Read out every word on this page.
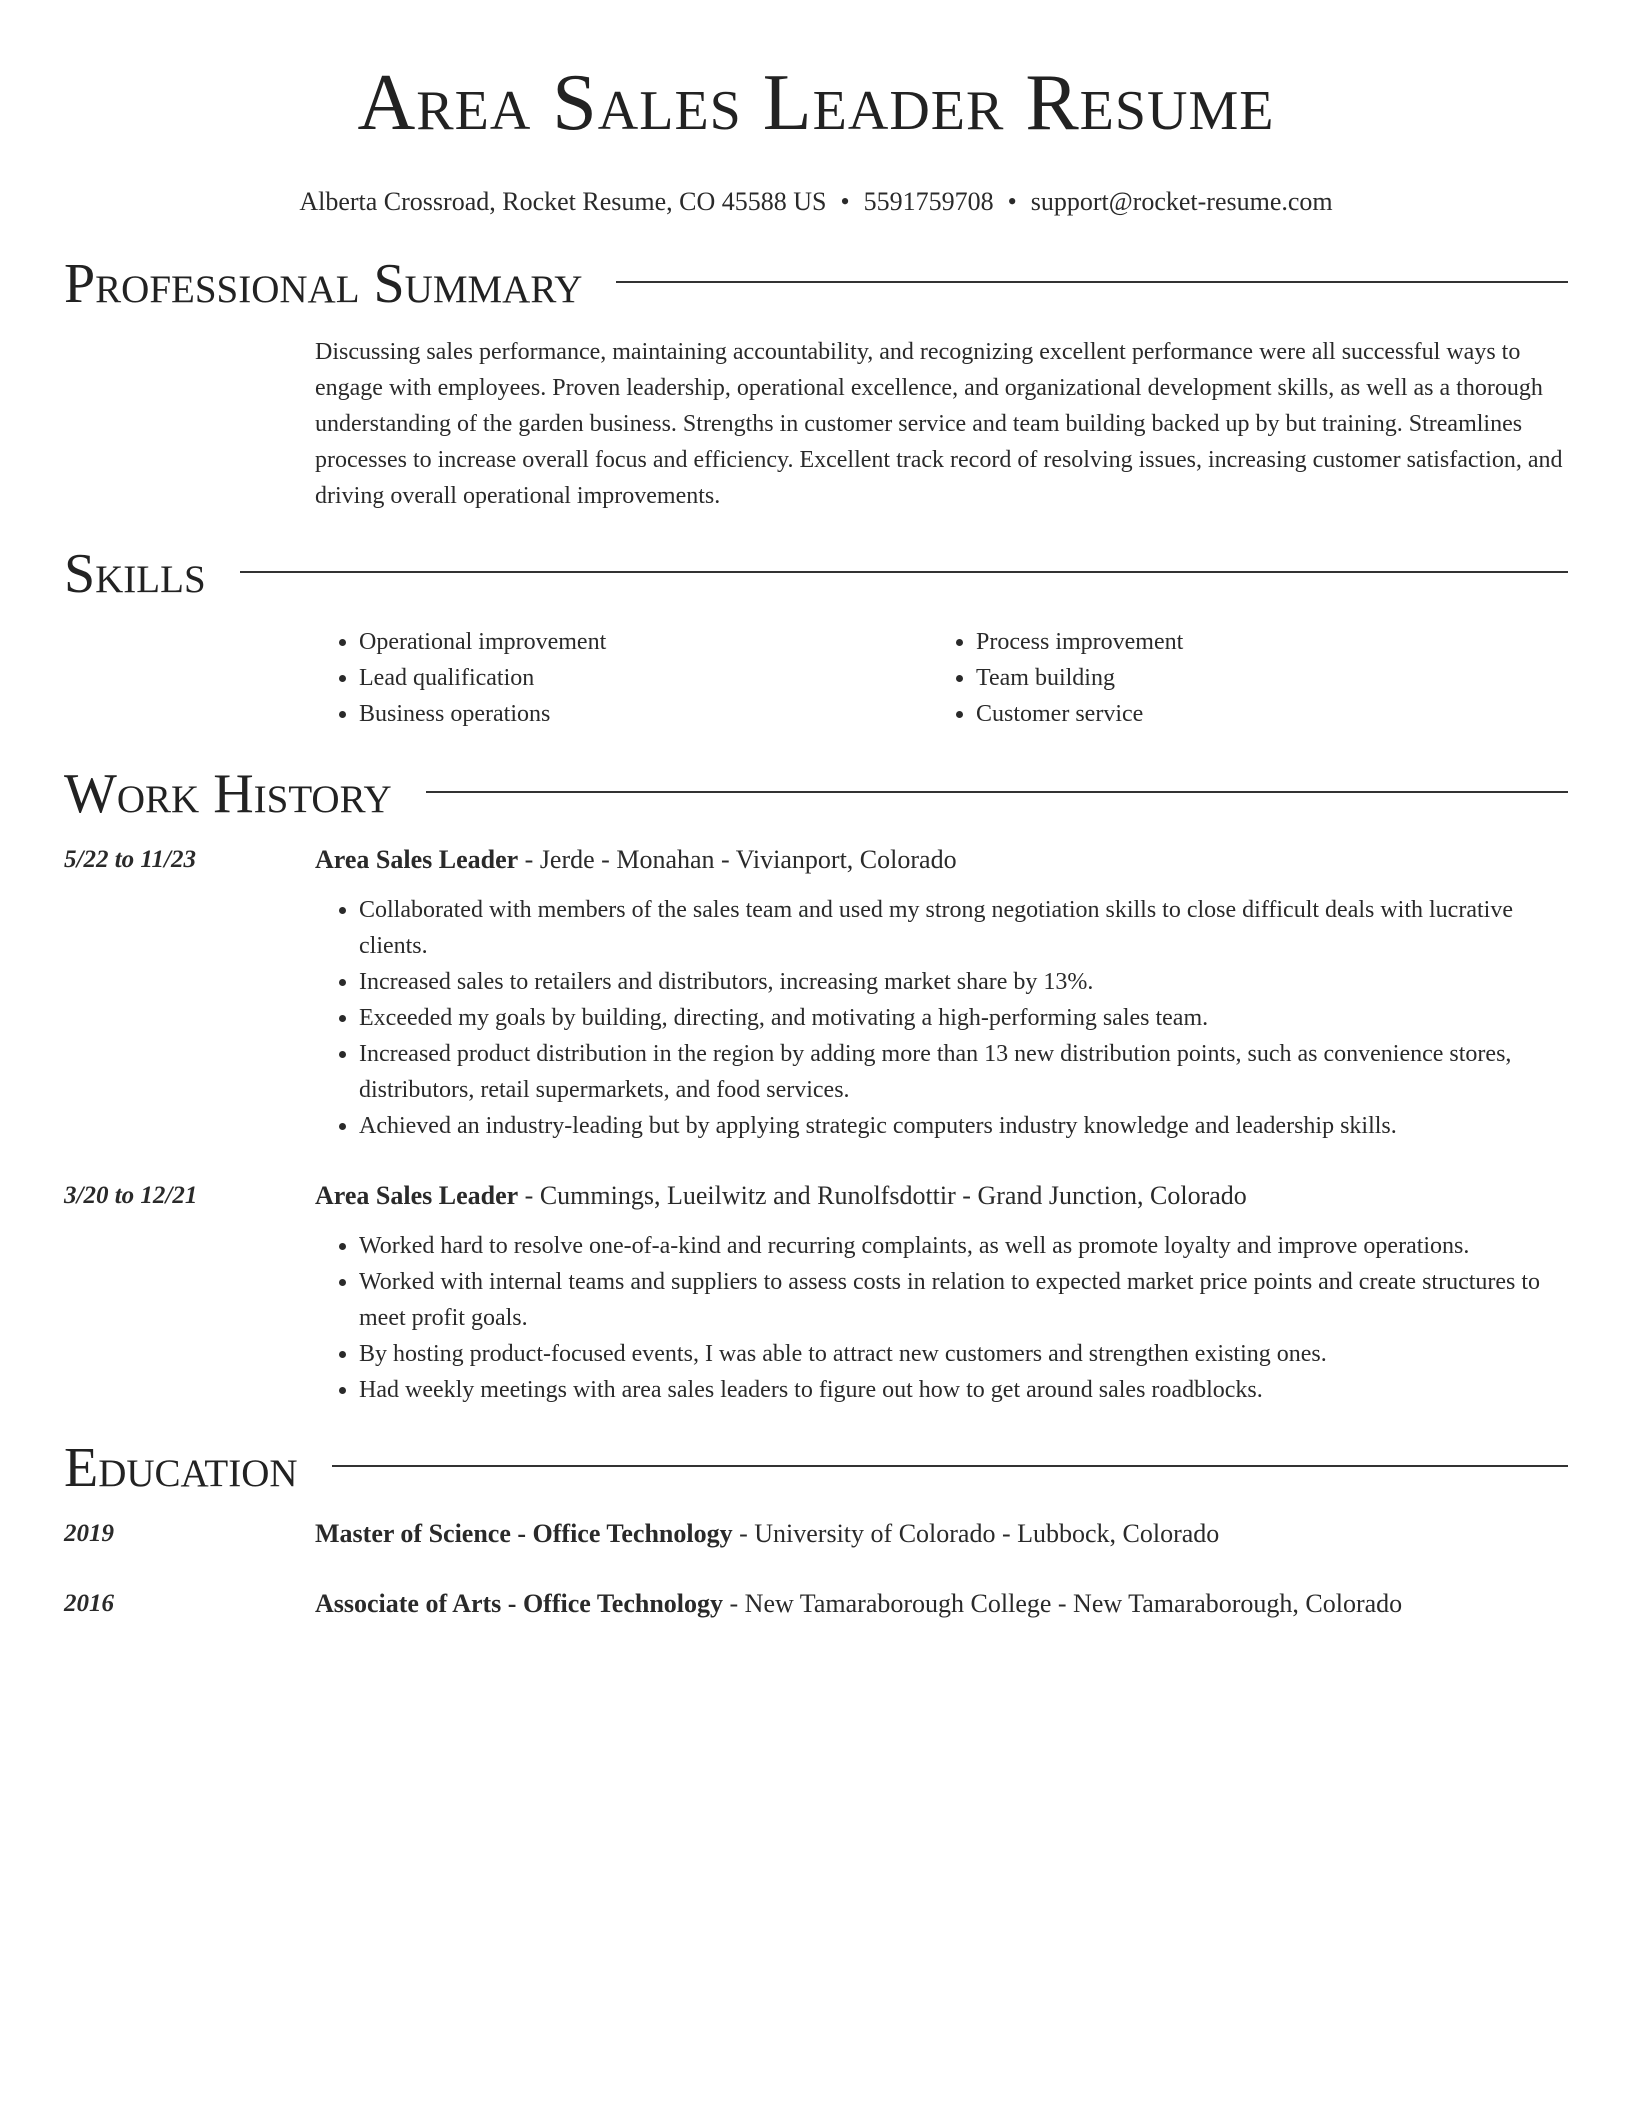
Area Sales Leader Resume
Alberta Crossroad, Rocket Resume, CO 45588 US • 5591759708 • support@rocket-resume.com
Professional Summary

Discussing sales performance, maintaining accountability, and recognizing excellent performance were all successful ways to engage with employees. Proven leadership, operational excellence, and organizational development skills, as well as a thorough understanding of the garden business. Strengths in customer service and team building backed up by but training. Streamlines processes to increase overall focus and efficiency. Excellent track record of resolving issues, increasing customer satisfaction, and driving overall operational improvements.

Skills
• Operational improvement
• Lead qualification
• Business operations
• Process improvement
• Team building
• Customer service
Work History
5/22 to 11/23	Area Sales Leader - Jerde - Monahan - Vivianport, Colorado
• Collaborated with members of the sales team and used my strong negotiation skills to close difficult deals with lucrative clients.
• Increased sales to retailers and distributors, increasing market share by 13%.
• Exceeded my goals by building, directing, and motivating a high-performing sales team.
• Increased product distribution in the region by adding more than 13 new distribution points, such as convenience stores, distributors, retail supermarkets, and food services.
• Achieved an industry-leading but by applying strategic computers industry knowledge and leadership skills.
3/20 to 12/21	Area Sales Leader - Cummings, Lueilwitz and Runolfsdottir - Grand Junction, Colorado
• Worked hard to resolve one-of-a-kind and recurring complaints, as well as promote loyalty and improve operations.
• Worked with internal teams and suppliers to assess costs in relation to expected market price points and create structures to meet profit goals.
• By hosting product-focused events, I was able to attract new customers and strengthen existing ones.
• Had weekly meetings with area sales leaders to figure out how to get around sales roadblocks.
Education
2019	Master of Science - Office Technology - University of Colorado - Lubbock, Colorado
2016	Associate of Arts - Office Technology - New Tamaraborough College - New Tamaraborough, Colorado
